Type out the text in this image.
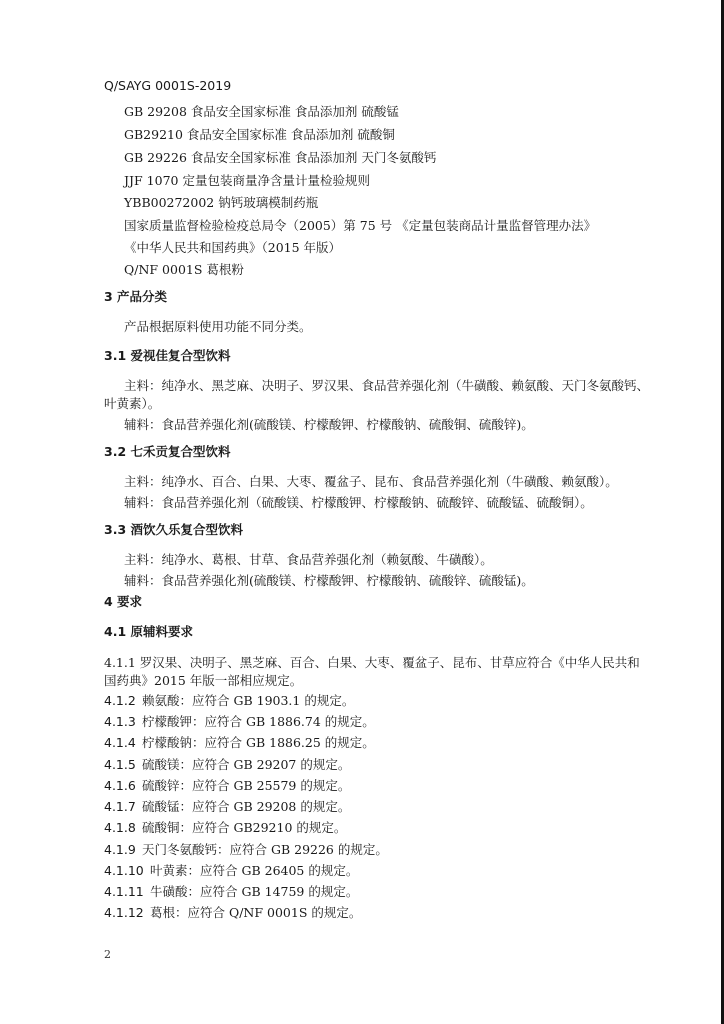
Q/SAYG 0001S-2019
GB 29208 食品安全国家标准 食品添加剂 硫酸锰
GB29210 食品安全国家标准 食品添加剂 硫酸铜
GB 29226 食品安全国家标准 食品添加剂 天门冬氨酸钙
JJF 1070 定量包装商量净含量计量检验规则
YBB00272002 钠钙玻璃模制药瓶
国家质量监督检验检疫总局令（2005）第 75 号 《定量包装商品计量监督管理办法》
《中华人民共和国药典》（2015 年版）
Q/NF 0001S 葛根粉
3 产品分类
产品根据原料使用功能不同分类。
3.1 爱视佳复合型饮料
主料：纯净水、黑芝麻、决明子、罗汉果、食品营养强化剂（牛磺酸、赖氨酸、天门冬氨酸钙、
叶黄素）。
辅料：食品营养强化剂(硫酸镁、柠檬酸钾、柠檬酸钠、硫酸铜、硫酸锌)。
3.2 七禾贡复合型饮料
主料：纯净水、百合、白果、大枣、覆盆子、昆布、食品营养强化剂（牛磺酸、赖氨酸）。
辅料：食品营养强化剂（硫酸镁、柠檬酸钾、柠檬酸钠、硫酸锌、硫酸锰、硫酸铜）。
3.3 酒饮久乐复合型饮料
主料：纯净水、葛根、甘草、食品营养强化剂（赖氨酸、牛磺酸）。
辅料：食品营养强化剂(硫酸镁、柠檬酸钾、柠檬酸钠、硫酸锌、硫酸锰)。
4 要求
4.1 原辅料要求
4.1.1 罗汉果、决明子、黑芝麻、百合、白果、大枣、覆盆子、昆布、甘草应符合《中华人民共和
国药典》2015 年版一部相应规定。
4.1.2 赖氨酸：应符合 GB 1903.1 的规定。
4.1.3 柠檬酸钾：应符合 GB 1886.74 的规定。
4.1.4 柠檬酸钠：应符合 GB 1886.25 的规定。
4.1.5 硫酸镁：应符合 GB 29207 的规定。
4.1.6 硫酸锌：应符合 GB 25579 的规定。
4.1.7 硫酸锰：应符合 GB 29208 的规定。
4.1.8 硫酸铜：应符合 GB29210 的规定。
4.1.9 天门冬氨酸钙：应符合 GB 29226 的规定。
4.1.10 叶黄素：应符合 GB 26405 的规定。
4.1.11 牛磺酸：应符合 GB 14759 的规定。
4.1.12 葛根：应符合 Q/NF 0001S 的规定。
2
